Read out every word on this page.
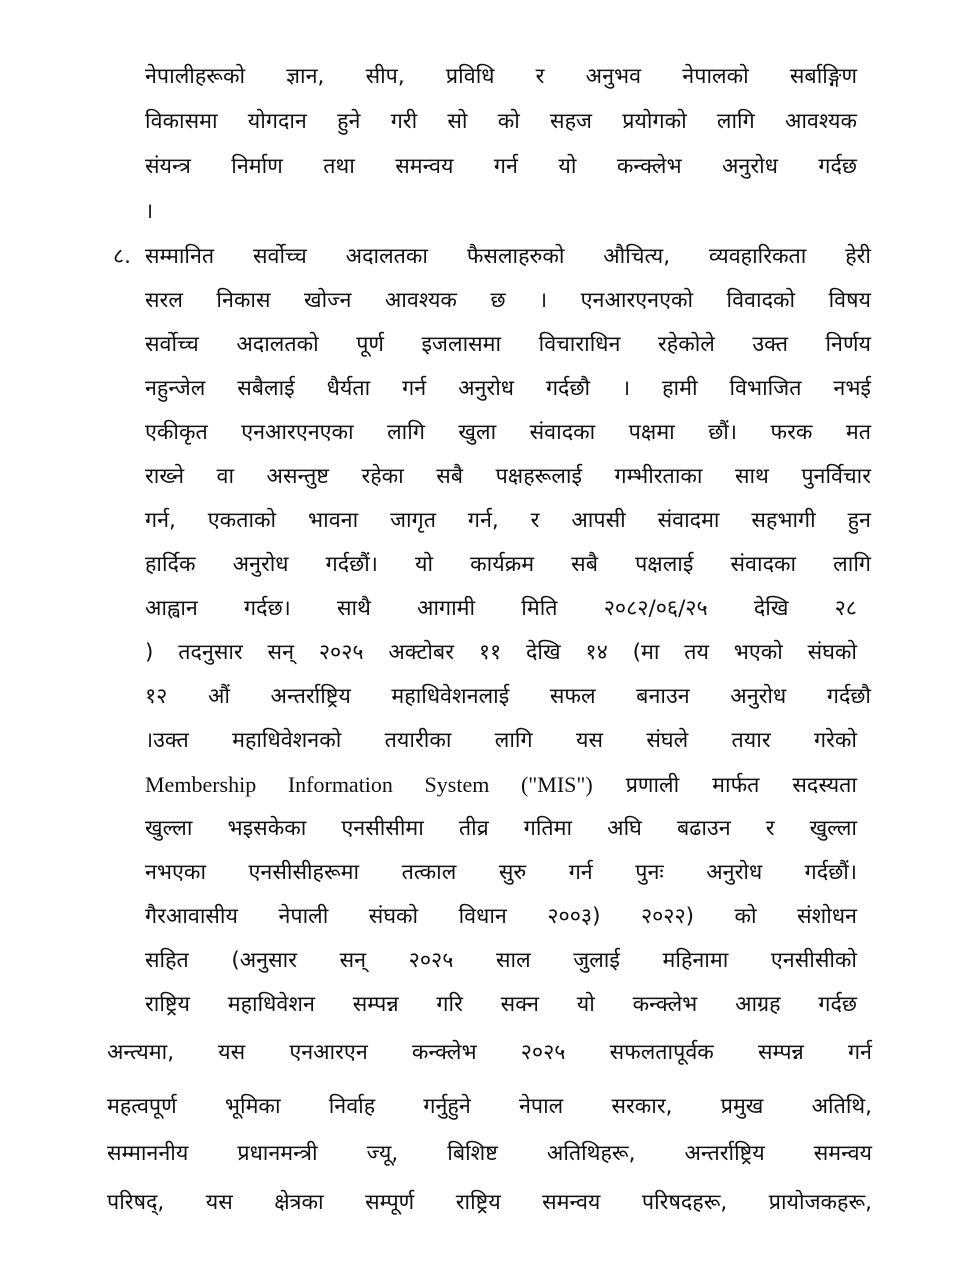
नेपालीहरूको ज्ञान, सीप, प्रविधि र अनुभव नेपालको सर्बाङ्गिण
विकासमा योगदान हुने गरी सो को सहज प्रयोगको लागि आवश्यक
संयन्त्र निर्माण तथा समन्वय गर्न यो कन्क्लेभ अनुरोध गर्दछ
।
८. सम्मानित सर्वोच्च अदालतका फैसलाहरुको औचित्य, व्यवहारिकता हेरी
सरल निकास खोज्न आवश्यक छ । एनआरएनएको विवादको विषय
सर्वोच्च अदालतको पूर्ण इजलासमा विचाराधिन रहेकोले उक्त निर्णय
नहुन्जेल सबैलाई धैर्यता गर्न अनुरोध गर्दछौ । हामी विभाजित नभई
एकीकृत एनआरएनएका लागि खुला संवादका पक्षमा छौं। फरक मत
राख्ने वा असन्तुष्ट रहेका सबै पक्षहरूलाई गम्भीरताका साथ पुनर्विचार
गर्न, एकताको भावना जागृत गर्न, र आपसी संवादमा सहभागी हुन
हार्दिक अनुरोध गर्दछौं। यो कार्यक्रम सबै पक्षलाई संवादका लागि
आह्वान गर्दछ। साथै आगामी मिति २०८२/०६/२५ देखि २८
) तदनुसार सन् २०२५ अक्टोबर ११ देखि १४ (मा तय भएको संघको
१२ औं अन्तर्राष्ट्रिय महाधिवेशनलाई सफल बनाउन अनुरोध गर्दछौ
।उक्त महाधिवेशनको तयारीका लागि यस संघले तयार गरेको
Membership Information System ("MIS") प्रणाली मार्फत सदस्यता
खुल्ला भइसकेका एनसीसीमा तीव्र गतिमा अघि बढाउन र खुल्ला
नभएका एनसीसीहरूमा तत्काल सुरु गर्न पुनः अनुरोध गर्दछौं।
गैरआवासीय नेपाली संघको विधान २००३) २०२२) को संशोधन
सहित (अनुसार सन् २०२५ साल जुलाई महिनामा एनसीसीको
राष्ट्रिय महाधिवेशन सम्पन्न गरि सक्न यो कन्क्लेभ आग्रह गर्दछ
अन्त्यमा, यस एनआरएन कन्क्लेभ २०२५ सफलतापूर्वक सम्पन्न गर्न
महत्वपूर्ण भूमिका निर्वाह गर्नुहुने नेपाल सरकार, प्रमुख अतिथि,
सम्माननीय प्रधानमन्त्री ज्यू, बिशिष्ट अतिथिहरू, अन्तर्राष्ट्रिय समन्वय
परिषद्, यस क्षेत्रका सम्पूर्ण राष्ट्रिय समन्वय परिषदहरू, प्रायोजकहरू,
